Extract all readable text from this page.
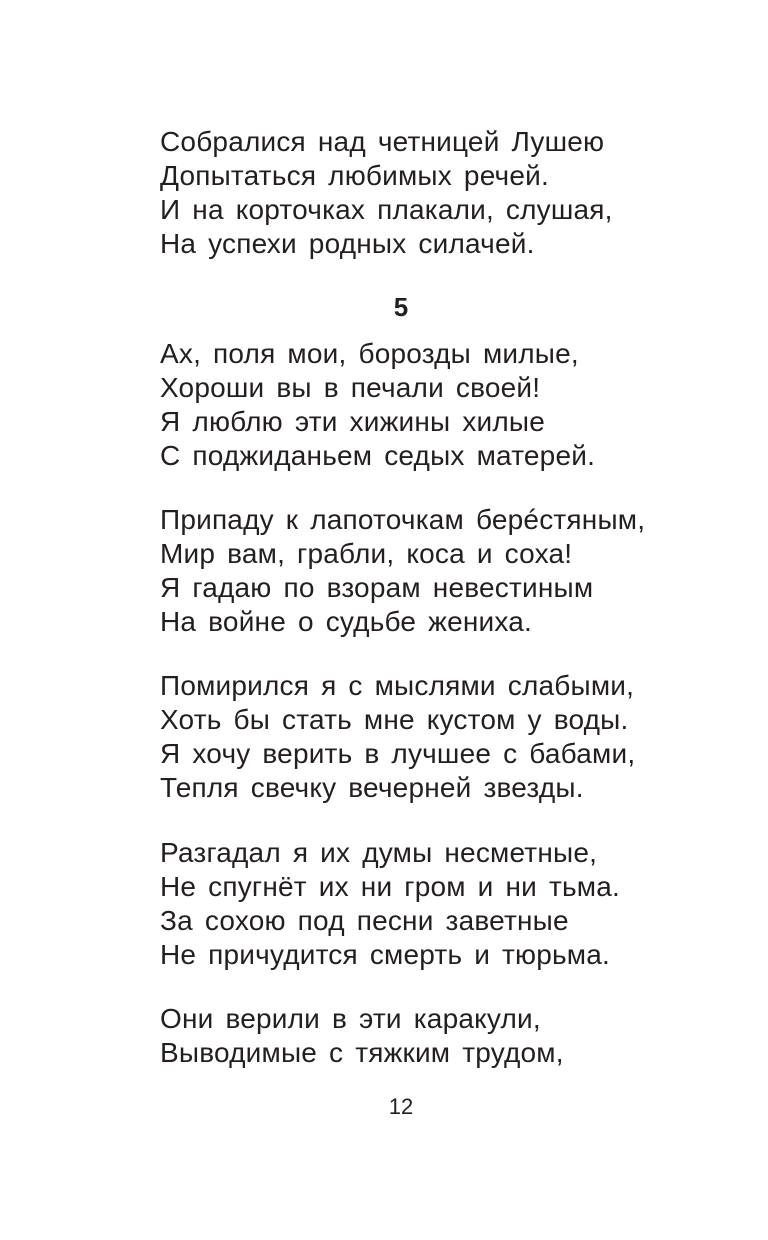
Собралися над четницей Лушею
Допытаться любимых речей.
И на корточках плакали, слушая,
На успехи родных силачей.
5
Ах, поля мои, борозды милые,
Хороши вы в печали своей!
Я люблю эти хижины хилые
С поджиданьем седых матерей.
Припаду к лапоточкам берéстяным,
Мир вам, грабли, коса и соха!
Я гадаю по взорам невестиным
На войне о судьбе жениха.
Помирился я с мыслями слабыми,
Хоть бы стать мне кустом у воды.
Я хочу верить в лучшее с бабами,
Тепля свечку вечерней звезды.
Разгадал я их думы несметные,
Не спугнёт их ни гром и ни тьма.
За сохою под песни заветные
Не причудится смерть и тюрьма.
Они верили в эти каракули,
Выводимые с тяжким трудом,
12
